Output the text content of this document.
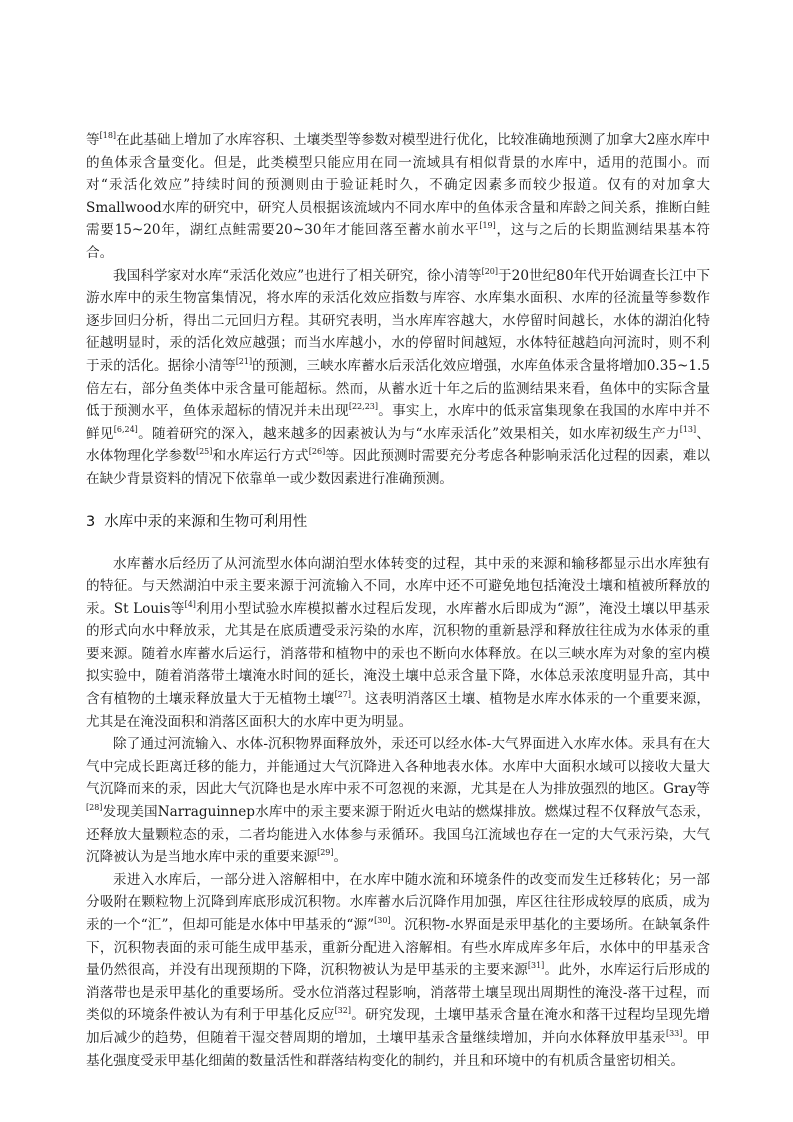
等[18]在此基础上增加了水库容积、土壤类型等参数对模型进行优化，比较准确地预测了加拿大2座水库中的鱼体汞含量变化。但是，此类模型只能应用在同一流域具有相似背景的水库中，适用的范围小。而对“汞活化效应”持续时间的预测则由于验证耗时久，不确定因素多而较少报道。仅有的对加拿大Smallwood水库的研究中，研究人员根据该流域内不同水库中的鱼体汞含量和库龄之间关系，推断白鲑需要15~20年，湖红点鲑需要20~30年才能回落至蓄水前水平[19]，这与之后的长期监测结果基本符合。

我国科学家对水库“汞活化效应”也进行了相关研究，徐小清等[20]于20世纪80年代开始调查长江中下游水库中的汞生物富集情况，将水库的汞活化效应指数与库容、水库集水面积、水库的径流量等参数作逐步回归分析，得出二元回归方程。其研究表明，当水库库容越大，水停留时间越长，水体的湖泊化特征越明显时，汞的活化效应越强；而当水库越小，水的停留时间越短，水体特征越趋向河流时，则不利于汞的活化。据徐小清等[21]的预测，三峡水库蓄水后汞活化效应增强，水库鱼体汞含量将增加0.35~1.5倍左右，部分鱼类体中汞含量可能超标。然而，从蓄水近十年之后的监测结果来看，鱼体中的实际含量低于预测水平，鱼体汞超标的情况并未出现[22,23]。事实上，水库中的低汞富集现象在我国的水库中并不鲜见[6,24]。随着研究的深入，越来越多的因素被认为与“水库汞活化”效果相关，如水库初级生产力[13]、水体物理化学参数[25]和水库运行方式[26]等。因此预测时需要充分考虑各种影响汞活化过程的因素，难以在缺少背景资料的情况下依靠单一或少数因素进行准确预测。

3 水库中汞的来源和生物可利用性

水库蓄水后经历了从河流型水体向湖泊型水体转变的过程，其中汞的来源和输移都显示出水库独有的特征。与天然湖泊中汞主要来源于河流输入不同，水库中还不可避免地包括淹没土壤和植被所释放的汞。St Louis等[4]利用小型试验水库模拟蓄水过程后发现，水库蓄水后即成为“源”，淹没土壤以甲基汞的形式向水中释放汞，尤其是在底质遭受汞污染的水库，沉积物的重新悬浮和释放往往成为水体汞的重要来源。随着水库蓄水后运行，消落带和植物中的汞也不断向水体释放。在以三峡水库为对象的室内模拟实验中，随着消落带土壤淹水时间的延长，淹没土壤中总汞含量下降，水体总汞浓度明显升高，其中含有植物的土壤汞释放量大于无植物土壤[27]。这表明消落区土壤、植物是水库水体汞的一个重要来源，尤其是在淹没面积和消落区面积大的水库中更为明显。

除了通过河流输入、水体-沉积物界面释放外，汞还可以经水体-大气界面进入水库水体。汞具有在大气中完成长距离迁移的能力，并能通过大气沉降进入各种地表水体。水库中大面积水域可以接收大量大气沉降而来的汞，因此大气沉降也是水库中汞不可忽视的来源，尤其是在人为排放强烈的地区。Gray等[28]发现美国Narraguinnep水库中的汞主要来源于附近火电站的燃煤排放。燃煤过程不仅释放气态汞，还释放大量颗粒态的汞，二者均能进入水体参与汞循环。我国乌江流域也存在一定的大气汞污染，大气沉降被认为是当地水库中汞的重要来源[29]。

汞进入水库后，一部分进入溶解相中，在水库中随水流和环境条件的改变而发生迁移转化；另一部分吸附在颗粒物上沉降到库底形成沉积物。水库蓄水后沉降作用加强，库区往往形成较厚的底质，成为汞的一个“汇”，但却可能是水体中甲基汞的“源”[30]。沉积物-水界面是汞甲基化的主要场所。在缺氧条件下，沉积物表面的汞可能生成甲基汞，重新分配进入溶解相。有些水库成库多年后，水体中的甲基汞含量仍然很高，并没有出现预期的下降，沉积物被认为是甲基汞的主要来源[31]。此外，水库运行后形成的消落带也是汞甲基化的重要场所。受水位消落过程影响，消落带土壤呈现出周期性的淹没-落干过程，而类似的环境条件被认为有利于甲基化反应[32]。研究发现，土壤甲基汞含量在淹水和落干过程均呈现先增加后减少的趋势，但随着干湿交替周期的增加，土壤甲基汞含量继续增加，并向水体释放甲基汞[33]。甲基化强度受汞甲基化细菌的数量活性和群落结构变化的制约，并且和环境中的有机质含量密切相关。
